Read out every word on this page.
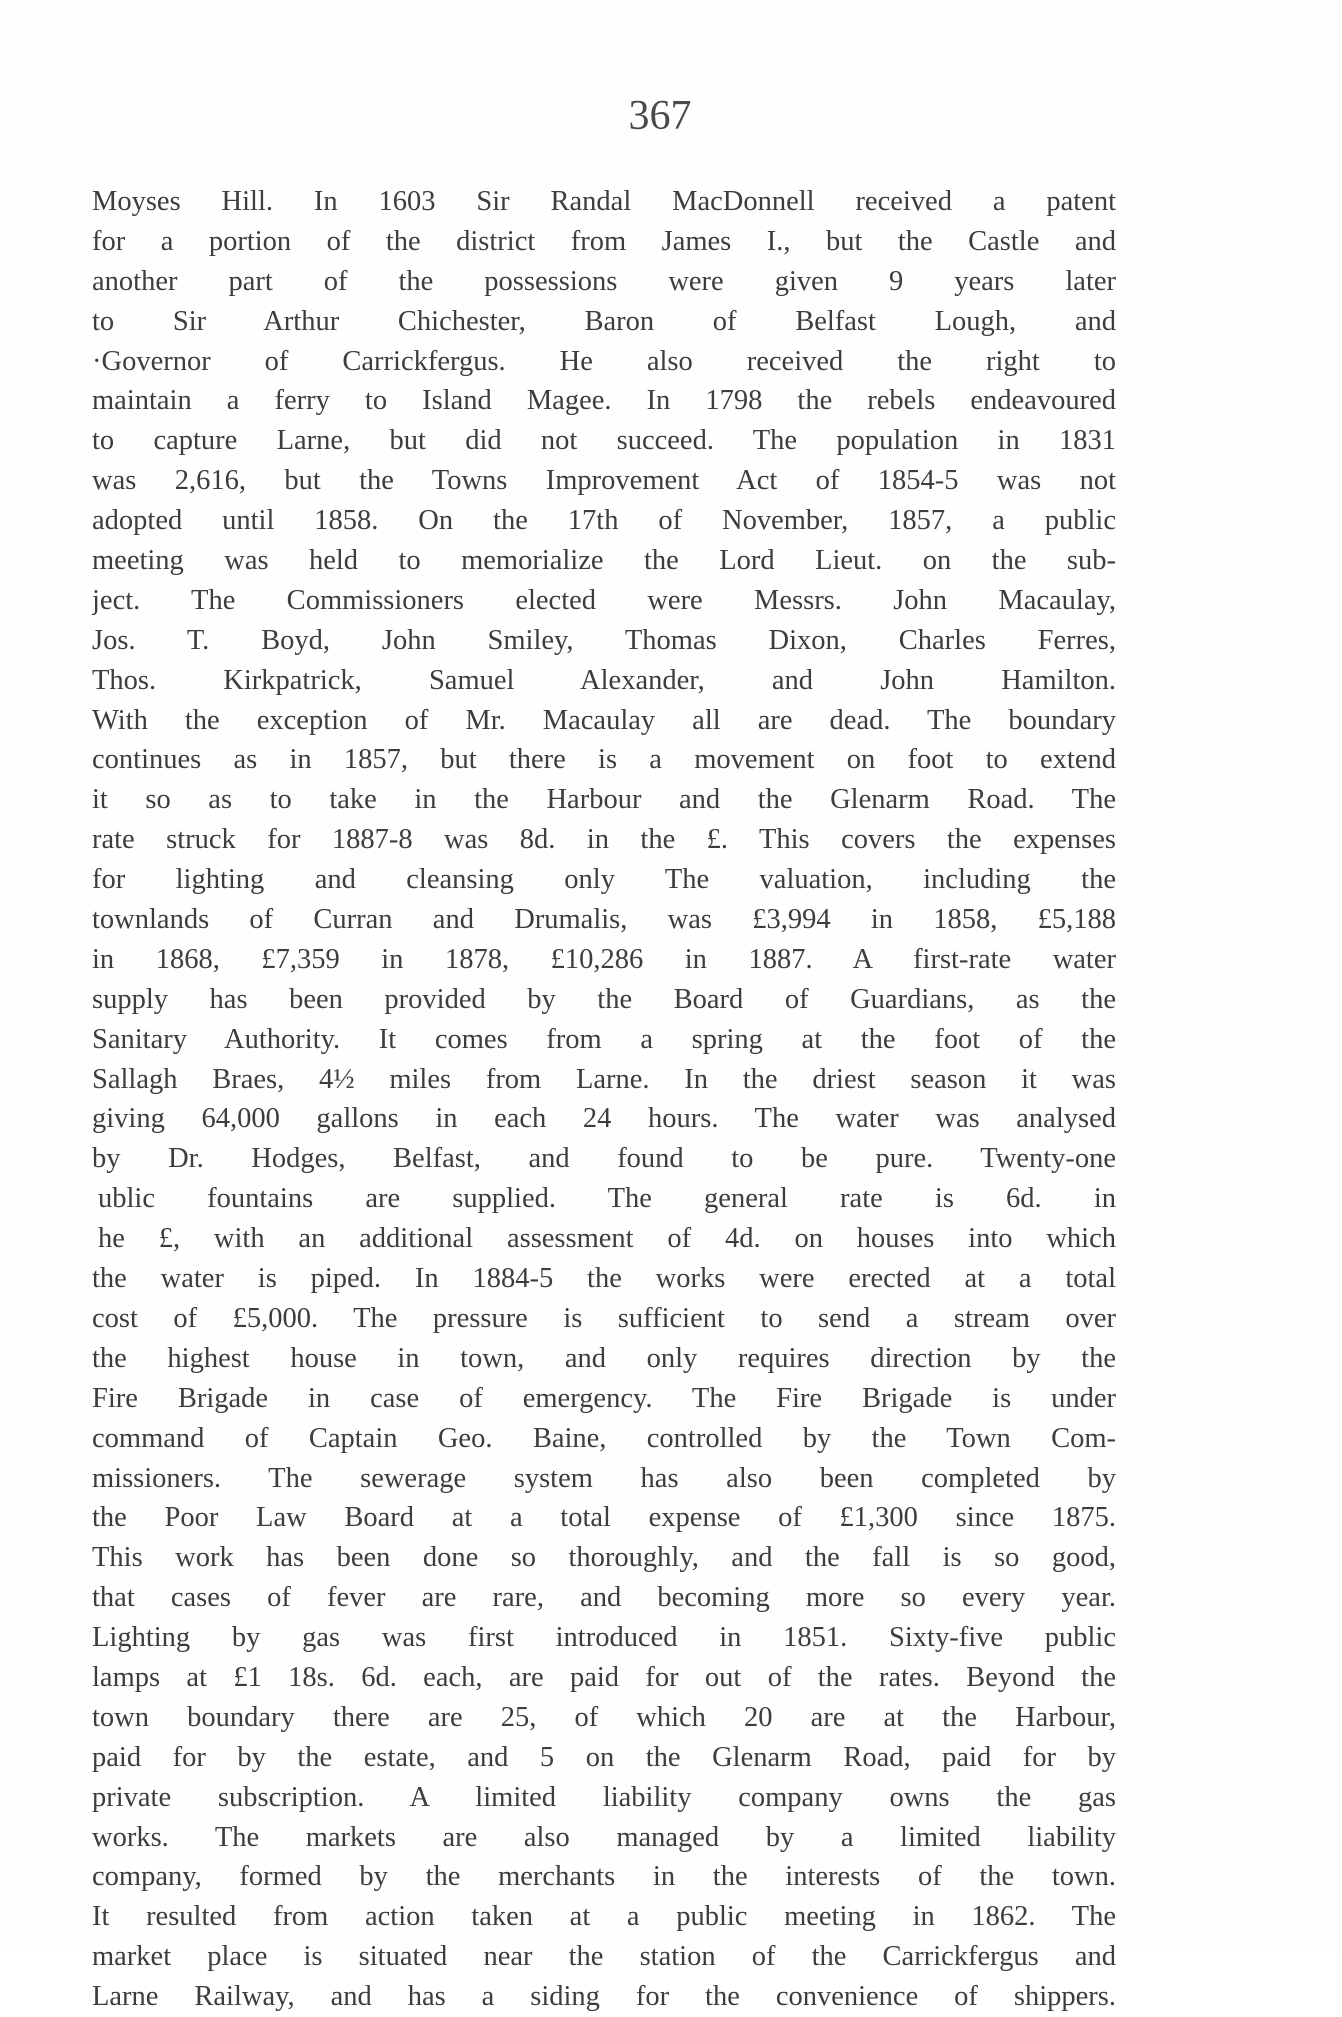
367
Moyses Hill. In 1603 Sir Randal MacDonnell received a patent
for a portion of the district from James I., but the Castle and
another part of the possessions were given 9 years later
to Sir Arthur Chichester, Baron of Belfast Lough, and
·Governor of Carrickfergus. He also received the right to
maintain a ferry to Island Magee. In 1798 the rebels endeavoured
to capture Larne, but did not succeed. The population in 1831
was 2,616, but the Towns Improvement Act of 1854-5 was not
adopted until 1858. On the 17th of November, 1857, a public
meeting was held to memorialize the Lord Lieut. on the sub-
ject. The Commissioners elected were Messrs. John Macaulay,
Jos. T. Boyd, John Smiley, Thomas Dixon, Charles Ferres,
Thos. Kirkpatrick, Samuel Alexander, and John Hamilton.
With the exception of Mr. Macaulay all are dead. The boundary
continues as in 1857, but there is a movement on foot to extend
it so as to take in the Harbour and the Glenarm Road. The
rate struck for 1887-8 was 8d. in the £. This covers the expenses
for lighting and cleansing only The valuation, including the
townlands of Curran and Drumalis, was £3,994 in 1858, £5,188
in 1868, £7,359 in 1878, £10,286 in 1887. A first-rate water
supply has been provided by the Board of Guardians, as the
Sanitary Authority. It comes from a spring at the foot of the
Sallagh Braes, 4½ miles from Larne. In the driest season it was
giving 64,000 gallons in each 24 hours. The water was analysed
by Dr. Hodges, Belfast, and found to be pure. Twenty-one
ublic fountains are supplied. The general rate is 6d. in
he £, with an additional assessment of 4d. on houses into which
the water is piped. In 1884-5 the works were erected at a total
cost of £5,000. The pressure is sufficient to send a stream over
the highest house in town, and only requires direction by the
Fire Brigade in case of emergency. The Fire Brigade is under
command of Captain Geo. Baine, controlled by the Town Com-
missioners. The sewerage system has also been completed by
the Poor Law Board at a total expense of £1,300 since 1875.
This work has been done so thoroughly, and the fall is so good,
that cases of fever are rare, and becoming more so every year.
Lighting by gas was first introduced in 1851. Sixty-five public
lamps at £1 18s. 6d. each, are paid for out of the rates. Beyond the
town boundary there are 25, of which 20 are at the Harbour,
paid for by the estate, and 5 on the Glenarm Road, paid for by
private subscription. A limited liability company owns the gas
works. The markets are also managed by a limited liability
company, formed by the merchants in the interests of the town.
It resulted from action taken at a public meeting in 1862. The
market place is situated near the station of the Carrickfergus and
Larne Railway, and has a siding for the convenience of shippers.
